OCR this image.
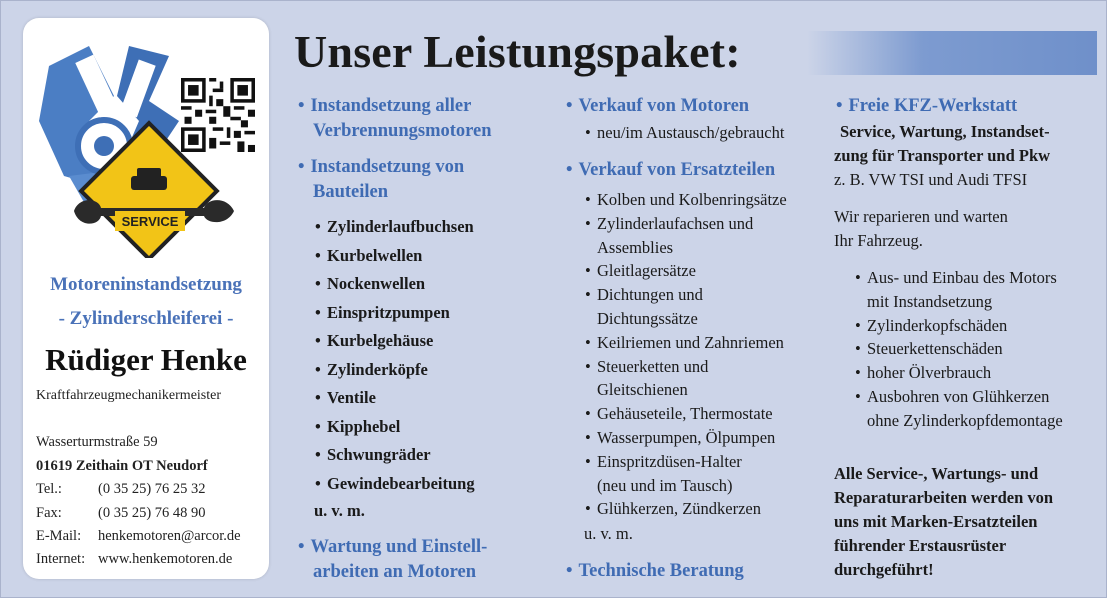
SERVICE
Motoreninstandsetzung
- Zylinderschleiferei -
Rüdiger Henke
Kraftfahrzeugmechanikermeister
Wasserturmstraße 59
01619 Zeithain OT Neudorf
Tel.: (0 35 25) 76 25 32
Fax: (0 35 25) 76 48 90
E-Mail: henkemotoren@arcor.de
Internet: www.henkemotoren.de
Unser Leistungspaket:
• Instandsetzung aller
Verbrennungsmotoren
• Instandsetzung von
Bauteilen
• Zylinderlaufbuchsen
• Kurbelwellen
• Nockenwellen
• Einspritzpumpen
• Kurbelgehäuse
• Zylinderköpfe
• Ventile
• Kipphebel
• Schwungräder
• Gewindebearbeitung
u. v. m.
• Wartung und Einstell-
arbeiten an Motoren
• Verkauf von Motoren
• neu/im Austausch/gebraucht
• Verkauf von Ersatzteilen
• Kolben und Kolbenringsätze
• Zylinderlaufachsen und
Assemblies
• Gleitlagersätze
• Dichtungen und
Dichtungssätze
• Keilriemen und Zahnriemen
• Steuerketten und
Gleitschienen
• Gehäuseteile, Thermostate
• Wasserpumpen, Ölpumpen
• Einspritzdüsen-Halter
(neu und im Tausch)
• Glühkerzen, Zündkerzen
u. v. m.
• Technische Beratung
• Freie KFZ-Werkstatt
Service, Wartung, Instandset-
zung für Transporter und Pkw
z. B. VW TSI und Audi TFSI
Wir reparieren und warten
Ihr Fahrzeug.
• Aus- und Einbau des Motors
mit Instandsetzung
• Zylinderkopfschäden
• Steuerkettenschäden
• hoher Ölverbrauch
• Ausbohren von Glühkerzen
ohne Zylinderkopfdemontage
Alle Service-, Wartungs- und
Reparaturarbeiten werden von
uns mit Marken-Ersatzteilen
führender Erstausrüster
durchgeführt!
